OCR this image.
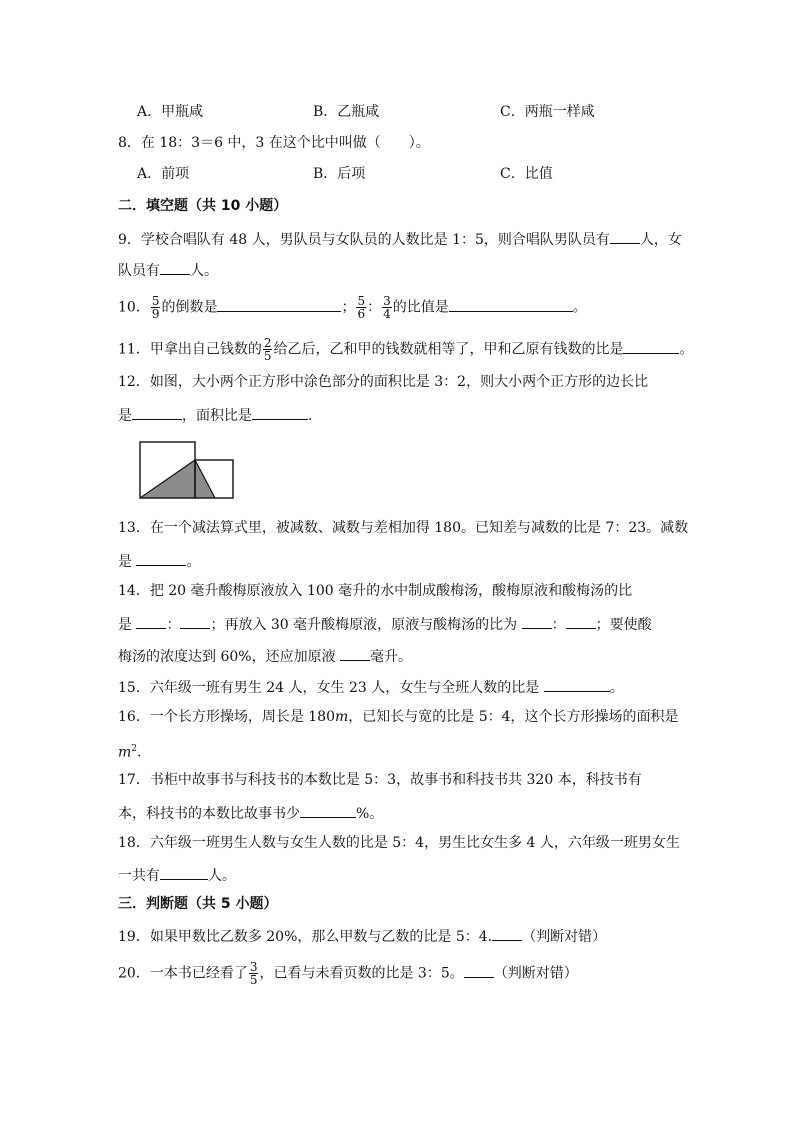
A．甲瓶咸	B．乙瓶咸	C．两瓶一样咸
8．在 18：3＝6 中，3 在这个比中叫做（　　）。
A．前项	B．后项	C．比值
二．填空题（共 10 小题）
9．学校合唱队有 48 人，男队员与女队员的人数比是 1：5，则合唱队男队员有 人，女
队员有 人。
10． $\frac{5}{9}$ 的倒数是	； $\frac{5}{6}$ ： $\frac{3}{4}$ 的比值是	。
11．甲拿出自己钱数的 $\frac{2}{5}$ 给乙后，乙和甲的钱数就相等了，甲和乙原有钱数的比是	。
12．如图，大小两个正方形中涂色部分的面积比是 3：2，则大小两个正方形的边长比
是	，面积比是	.
13．在一个减法算式里，被减数、减数与差相加得 180。已知差与减数的比是 7：23。减数
是	。
14．把 20 毫升酸梅原液放入 100 毫升的水中制成酸梅汤，酸梅原液和酸梅汤的比
是 ： ；再放入 30 毫升酸梅原液，原液与酸梅汤的比为 ： ；要使酸
梅汤的浓度达到 60%，还应加原液 毫升。
15．六年级一班有男生 24 人，女生 23 人，女生与全班人数的比是	。
16．一个长方形操场，周长是 180m，已知长与宽的比是 5：4，这个长方形操场的面积是
$m^2$.
17．书柜中故事书与科技书的本数比是 5：3，故事书和科技书共 320 本，科技书有
本，科技书的本数比故事书少	%。
18．六年级一班男生人数与女生人数的比是 5：4，男生比女生多 4 人，六年级一班男女生
一共有	人。
三．判断题（共 5 小题）
19．如果甲数比乙数多 20%，那么甲数与乙数的比是 5：4. （判断对错）
20．一本书已经看了 $\frac{3}{5}$ ，已看与未看页数的比是 3：5。 （判断对错）
